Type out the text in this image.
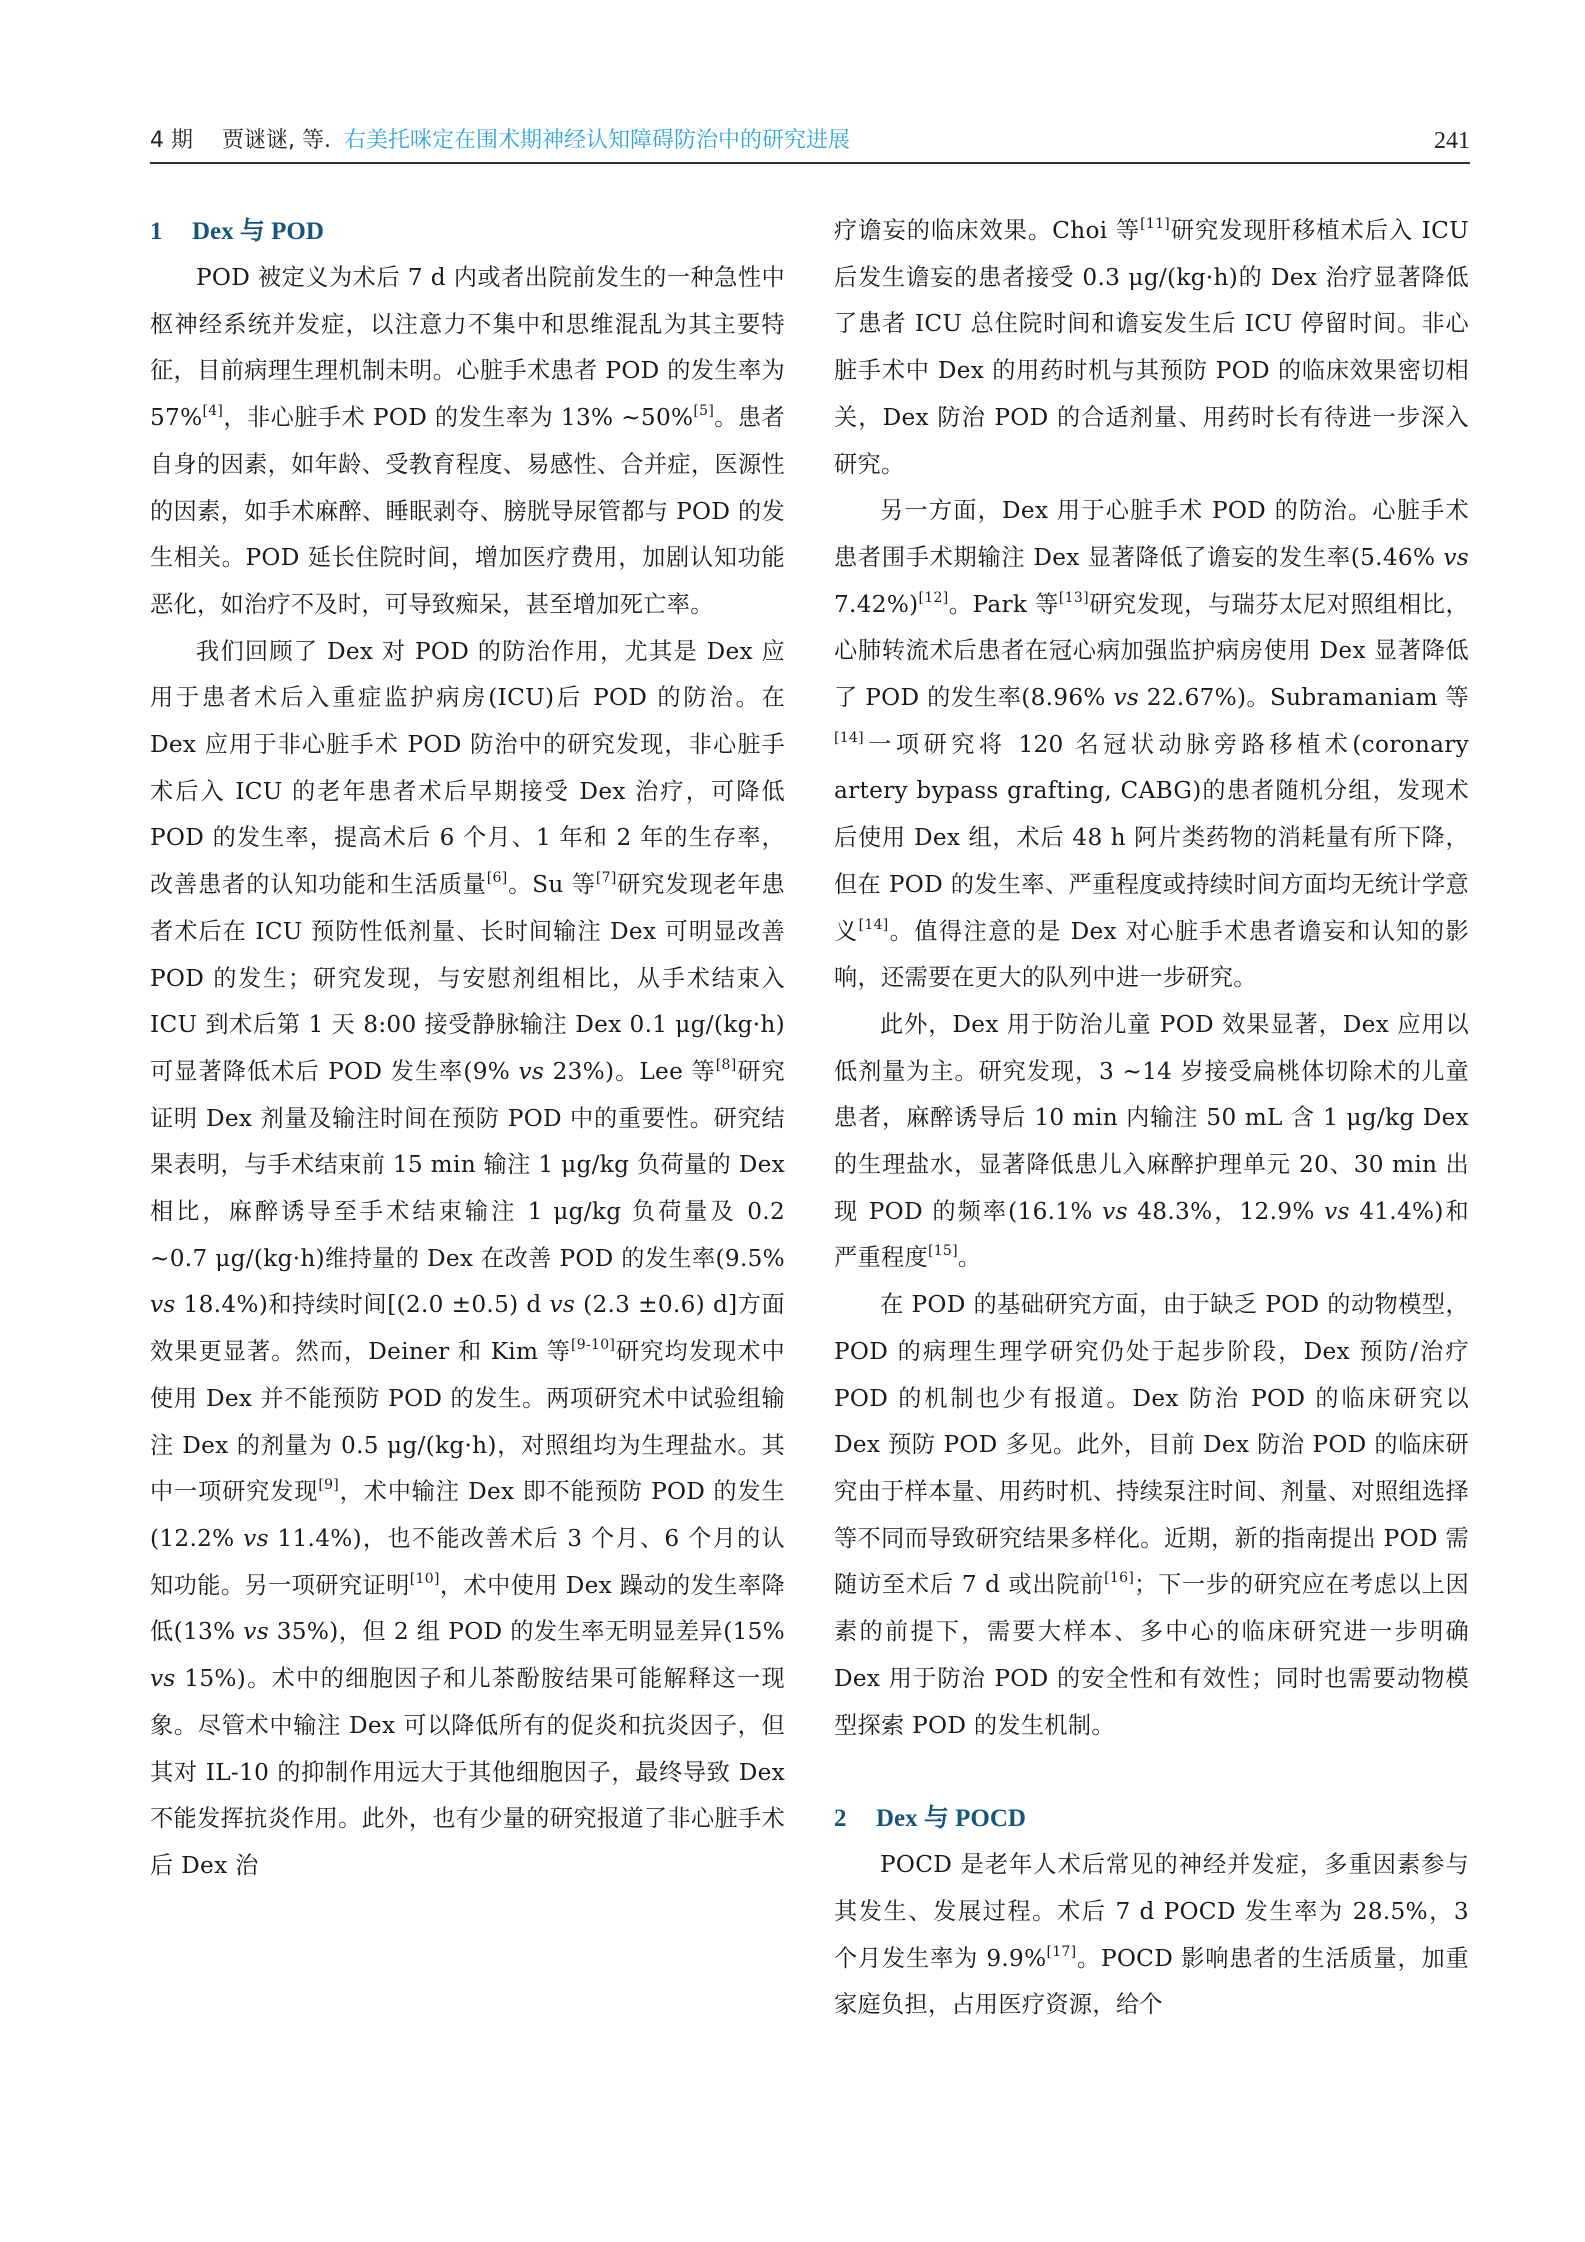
4 期 贾谜谜, 等. 右美托咪定在围术期神经认知障碍防治中的研究进展	241
1 Dex 与 POD

POD 被定义为术后 7 d 内或者出院前发生的一种急性中枢神经系统并发症，以注意力不集中和思维混乱为其主要特征，目前病理生理机制未明。心脏手术患者 POD 的发生率为 57%[4]，非心脏手术 POD 的发生率为 13% ~50%[5]。患者自身的因素，如年龄、受教育程度、易感性、合并症，医源性的因素，如手术麻醉、睡眠剥夺、膀胱导尿管都与 POD 的发生相关。POD 延长住院时间，增加医疗费用，加剧认知功能恶化，如治疗不及时，可导致痴呆，甚至增加死亡率。

我们回顾了 Dex 对 POD 的防治作用，尤其是 Dex 应用于患者术后入重症监护病房(ICU)后 POD 的防治。在 Dex 应用于非心脏手术 POD 防治中的研究发现，非心脏手术后入 ICU 的老年患者术后早期接受 Dex 治疗，可降低 POD 的发生率，提高术后 6 个月、1 年和 2 年的生存率，改善患者的认知功能和生活质量[6]。Su 等[7]研究发现老年患者术后在 ICU 预防性低剂量、长时间输注 Dex 可明显改善 POD 的发生；研究发现，与安慰剂组相比，从手术结束入 ICU 到术后第 1 天 8:00 接受静脉输注 Dex 0.1 μg/(kg·h)可显著降低术后 POD 发生率(9% vs 23%)。Lee 等[8]研究证明 Dex 剂量及输注时间在预防 POD 中的重要性。研究结果表明，与手术结束前 15 min 输注 1 μg/kg 负荷量的 Dex 相比，麻醉诱导至手术结束输注 1 μg/kg 负荷量及 0.2 ~0.7 μg/(kg·h)维持量的 Dex 在改善 POD 的发生率(9.5% vs 18.4%)和持续时间[(2.0 ±0.5) d vs (2.3 ±0.6) d]方面效果更显著。然而，Deiner 和 Kim 等[9-10]研究均发现术中使用 Dex 并不能预防 POD 的发生。两项研究术中试验组输注 Dex 的剂量为 0.5 μg/(kg·h)，对照组均为生理盐水。其中一项研究发现[9]，术中输注 Dex 即不能预防 POD 的发生(12.2% vs 11.4%)，也不能改善术后 3 个月、6 个月的认知功能。另一项研究证明[10]，术中使用 Dex 躁动的发生率降低(13% vs 35%)，但 2 组 POD 的发生率无明显差异(15% vs 15%)。术中的细胞因子和儿茶酚胺结果可能解释这一现象。尽管术中输注 Dex 可以降低所有的促炎和抗炎因子，但其对 IL-10 的抑制作用远大于其他细胞因子，最终导致 Dex 不能发挥抗炎作用。此外，也有少量的研究报道了非心脏手术后 Dex 治

疗谵妄的临床效果。Choi 等[11]研究发现肝移植术后入 ICU 后发生谵妄的患者接受 0.3 μg/(kg·h)的 Dex 治疗显著降低了患者 ICU 总住院时间和谵妄发生后 ICU 停留时间。非心脏手术中 Dex 的用药时机与其预防 POD 的临床效果密切相关，Dex 防治 POD 的合适剂量、用药时长有待进一步深入研究。

另一方面，Dex 用于心脏手术 POD 的防治。心脏手术患者围手术期输注 Dex 显著降低了谵妄的发生率(5.46% vs 7.42%)[12]。Park 等[13]研究发现，与瑞芬太尼对照组相比，心肺转流术后患者在冠心病加强监护病房使用 Dex 显著降低了 POD 的发生率(8.96% vs 22.67%)。Subramaniam 等[14]一项研究将 120 名冠状动脉旁路移植术(coronary artery bypass grafting, CABG)的患者随机分组，发现术后使用 Dex 组，术后 48 h 阿片类药物的消耗量有所下降，但在 POD 的发生率、严重程度或持续时间方面均无统计学意义[14]。值得注意的是 Dex 对心脏手术患者谵妄和认知的影响，还需要在更大的队列中进一步研究。

此外，Dex 用于防治儿童 POD 效果显著，Dex 应用以低剂量为主。研究发现，3 ~14 岁接受扁桃体切除术的儿童患者，麻醉诱导后 10 min 内输注 50 mL 含 1 μg/kg Dex 的生理盐水，显著降低患儿入麻醉护理单元 20、30 min 出现 POD 的频率(16.1% vs 48.3%，12.9% vs 41.4%)和严重程度[15]。

在 POD 的基础研究方面，由于缺乏 POD 的动物模型，POD 的病理生理学研究仍处于起步阶段，Dex 预防/治疗 POD 的机制也少有报道。Dex 防治 POD 的临床研究以 Dex 预防 POD 多见。此外，目前 Dex 防治 POD 的临床研究由于样本量、用药时机、持续泵注时间、剂量、对照组选择等不同而导致研究结果多样化。近期，新的指南提出 POD 需随访至术后 7 d 或出院前[16]；下一步的研究应在考虑以上因素的前提下，需要大样本、多中心的临床研究进一步明确 Dex 用于防治 POD 的安全性和有效性；同时也需要动物模型探索 POD 的发生机制。

2 Dex 与 POCD

POCD 是老年人术后常见的神经并发症，多重因素参与其发生、发展过程。术后 7 d POCD 发生率为 28.5%，3 个月发生率为 9.9%[17]。POCD 影响患者的生活质量，加重家庭负担，占用医疗资源，给个
